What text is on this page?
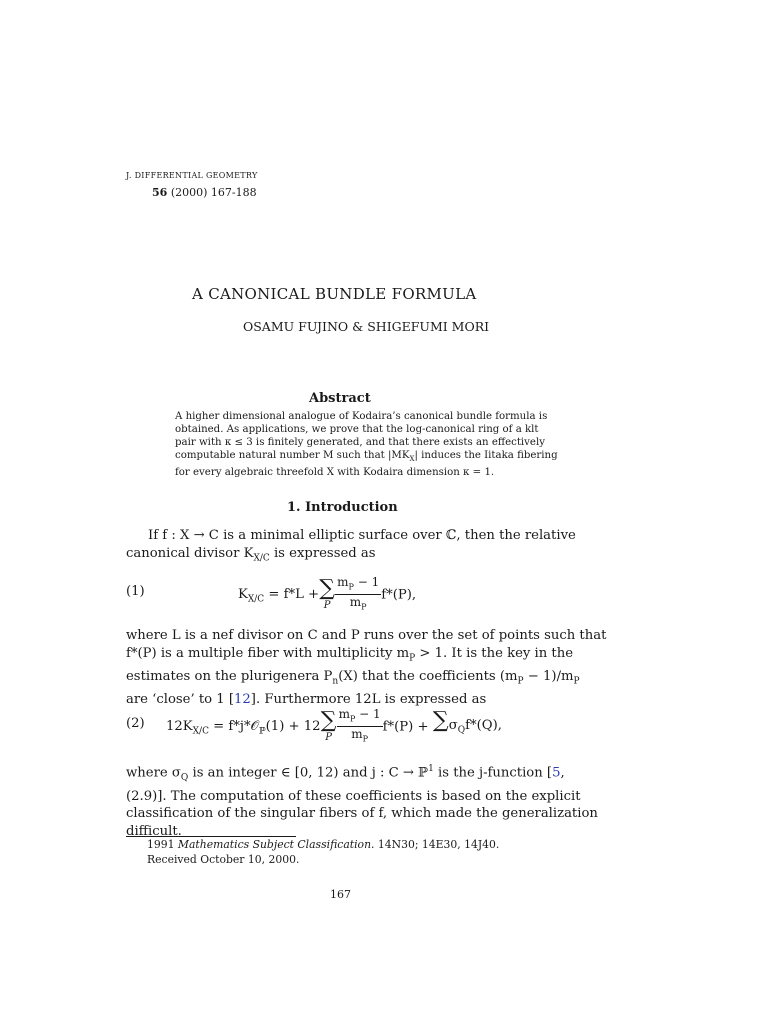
J. DIFFERENTIAL GEOMETRY
56 (2000) 167-188
A CANONICAL BUNDLE FORMULA
OSAMU FUJINO & SHIGEFUMI MORI
Abstract
A higher dimensional analogue of Kodaira’s canonical bundle formula is
obtained. As applications, we prove that the log-canonical ring of a klt
pair with κ ≤ 3 is finitely generated, and that there exists an effectively
computable natural number M such that $|MK_X|$ induces the Iitaka fibering
for every algebraic threefold X with Kodaira dimension κ = 1.
1. Introduction
If f : X → C is a minimal elliptic surface over ℂ, then the relative
canonical divisor $K_{X/C}$ is expressed as
(1)	$K_{X/C} = f*L$ + ∑
P $\frac{m_P - 1}{m_P} f*(P)$,
where L is a nef divisor on C and P runs over the set of points such that
f*(P) is a multiple fiber with multiplicity $m_P > 1$. It is the key in the
estimates on the plurigenera $P_n(X)$ that the coefficients $(m_P - 1)/m_P$
are ‘close’ to 1 [12]. Furthermore 12L is expressed as
(2) $12K_{X/C}$ = f*j*𝒪$_ℙ$(1) + 12 ∑
P $\frac{m_P - 1}{m_P} f*(P)$ + ∑
$\sigma_Qf*(Q)$,
where $\sigma_Q$ is an integer ∈ [0, 12) and j : C → ℙ$^1$ is the j-function [5,
(2.9)]. The computation of these coefficients is based on the explicit
classification of the singular fibers of f, which made the generalization
difficult.
1991 Mathematics Subject Classification. 14N30; 14E30, 14J40.
Received October 10, 2000.
167
